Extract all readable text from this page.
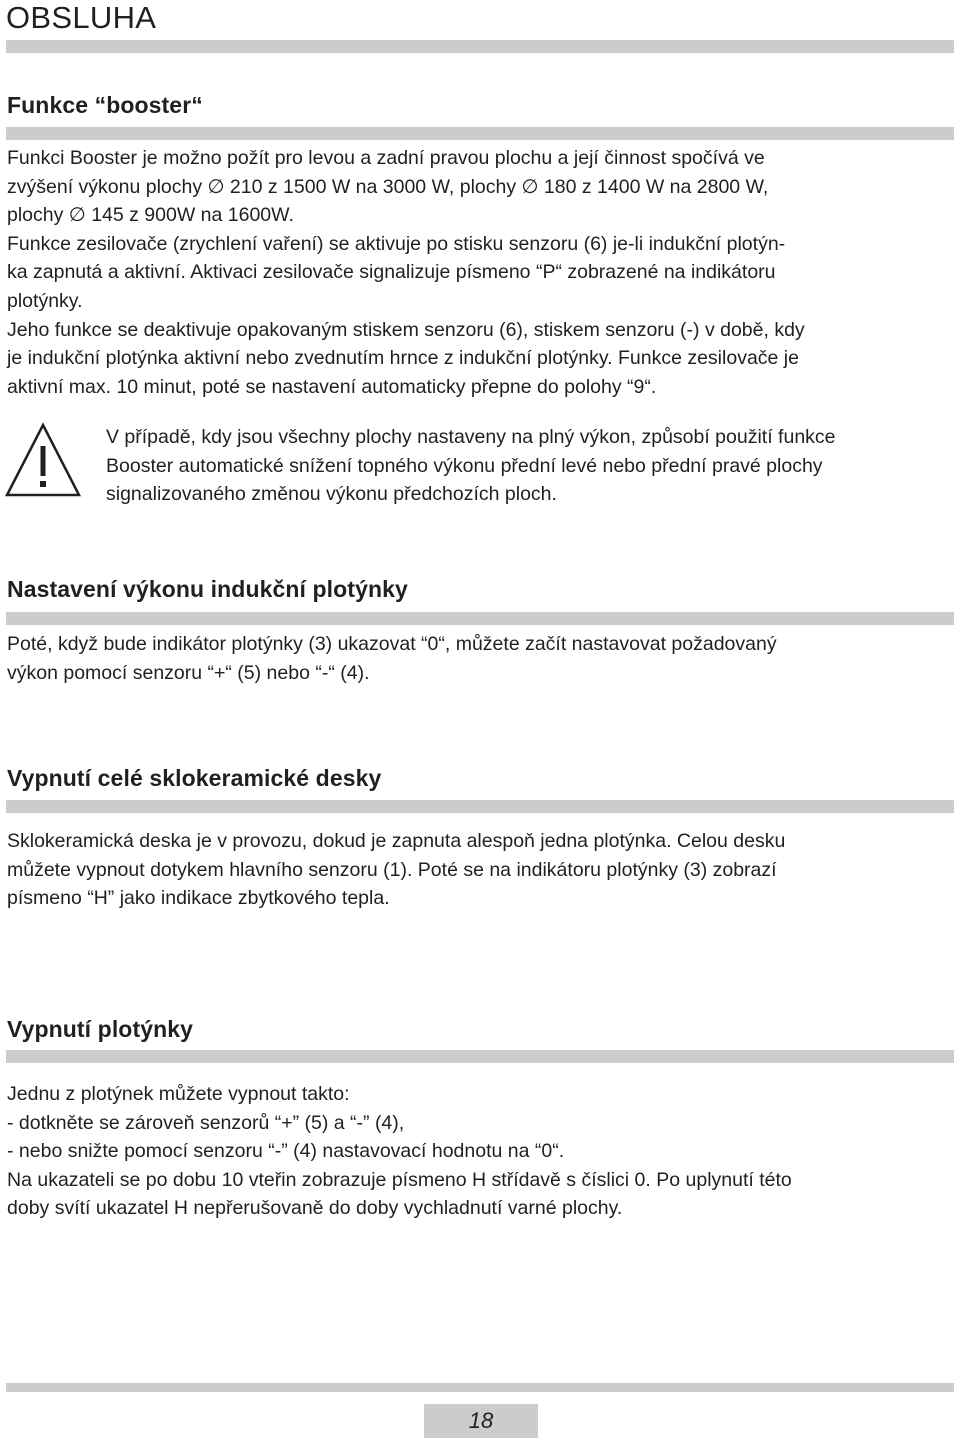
OBSLUHA
Funkce “booster“

Funkci Booster je možno požít pro levou a zadní pravou plochu a její činnost spočívá ve
zvýšení výkonu plochy ∅ 210 z 1500 W na 3000 W, plochy ∅ 180 z 1400 W na 2800 W,
plochy ∅ 145 z 900W na 1600W.
Funkce zesilovače (zrychlení vaření) se aktivuje po stisku senzoru (6) je-li indukční plotýn-
ka zapnutá a aktivní. Aktivaci zesilovače signalizuje písmeno “P“ zobrazené na indikátoru
plotýnky.
Jeho funkce se deaktivuje opakovaným stiskem senzoru (6), stiskem senzoru (-) v době, kdy
je indukční plotýnka aktivní nebo zvednutím hrnce z indukční plotýnky. Funkce zesilovače je
aktivní max. 10 minut, poté se nastavení automaticky přepne do polohy “9“.

V případě, kdy jsou všechny plochy nastaveny na plný výkon, způsobí použití funkce
Booster automatické snížení topného výkonu přední levé nebo přední pravé plochy
signalizovaného změnou výkonu předchozích ploch.

Nastavení výkonu indukční plotýnky

Poté, když bude indikátor plotýnky (3) ukazovat “0“, můžete začít nastavovat požadovaný
výkon pomocí senzoru “+“ (5) nebo “-“ (4).

Vypnutí celé sklokeramické desky

Sklokeramická deska je v provozu, dokud je zapnuta alespoň jedna plotýnka. Celou desku
můžete vypnout dotykem hlavního senzoru (1). Poté se na indikátoru plotýnky (3) zobrazí
písmeno “H” jako indikace zbytkového tepla.

Vypnutí plotýnky

Jednu z plotýnek můžete vypnout takto:
- dotkněte se zároveň senzorů “+” (5) a “-” (4),
- nebo snižte pomocí senzoru “-” (4) nastavovací hodnotu na “0“.
Na ukazateli se po dobu 10 vteřin zobrazuje písmeno H střídavě s číslici 0. Po uplynutí této
doby svítí ukazatel H nepřerušovaně do doby vychladnutí varné plochy.

18
